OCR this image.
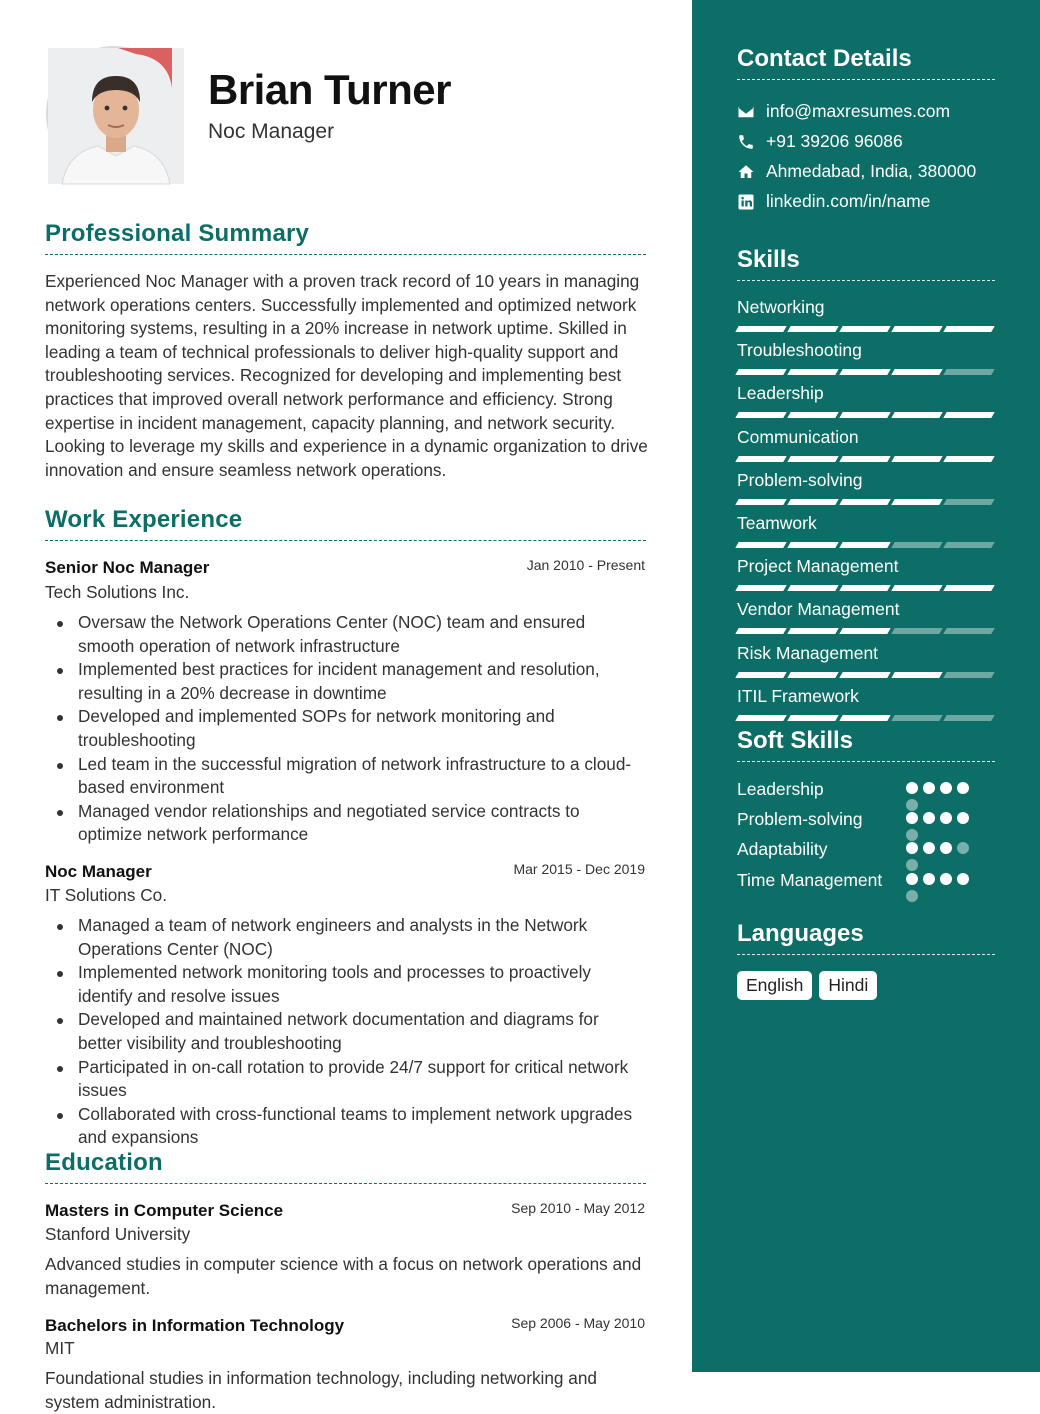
Brian Turner
Noc Manager
Professional Summary
Experienced Noc Manager with a proven track record of 10 years in managing network operations centers. Successfully implemented and optimized network monitoring systems, resulting in a 20% increase in network uptime. Skilled in leading a team of technical professionals to deliver high-quality support and troubleshooting services. Recognized for developing and implementing best practices that improved overall network performance and efficiency. Strong expertise in incident management, capacity planning, and network security. Looking to leverage my skills and experience in a dynamic organization to drive innovation and ensure seamless network operations.
Work Experience
Senior Noc Manager	Jan 2010 - Present
Tech Solutions Inc.
Oversaw the Network Operations Center (NOC) team and ensured smooth operation of network infrastructure
Implemented best practices for incident management and resolution, resulting in a 20% decrease in downtime
Developed and implemented SOPs for network monitoring and troubleshooting
Led team in the successful migration of network infrastructure to a cloud-based environment
Managed vendor relationships and negotiated service contracts to optimize network performance
Noc Manager	Mar 2015 - Dec 2019
IT Solutions Co.
Managed a team of network engineers and analysts in the Network Operations Center (NOC)
Implemented network monitoring tools and processes to proactively identify and resolve issues
Developed and maintained network documentation and diagrams for better visibility and troubleshooting
Participated in on-call rotation to provide 24/7 support for critical network issues
Collaborated with cross-functional teams to implement network upgrades and expansions
Education
Masters in Computer Science	Sep 2010 - May 2012
Stanford University
Advanced studies in computer science with a focus on network operations and management.
Bachelors in Information Technology	Sep 2006 - May 2010
MIT
Foundational studies in information technology, including networking and system administration.
Contact Details
info@maxresumes.com
+91 39206 96086
Ahmedabad, India, 380000
linkedin.com/in/name
Skills
Networking
Troubleshooting
Leadership
Communication
Problem-solving
Teamwork
Project Management
Vendor Management
Risk Management
ITIL Framework
Soft Skills
Leadership
Problem-solving
Adaptability
Time Management
Languages
English	Hindi
